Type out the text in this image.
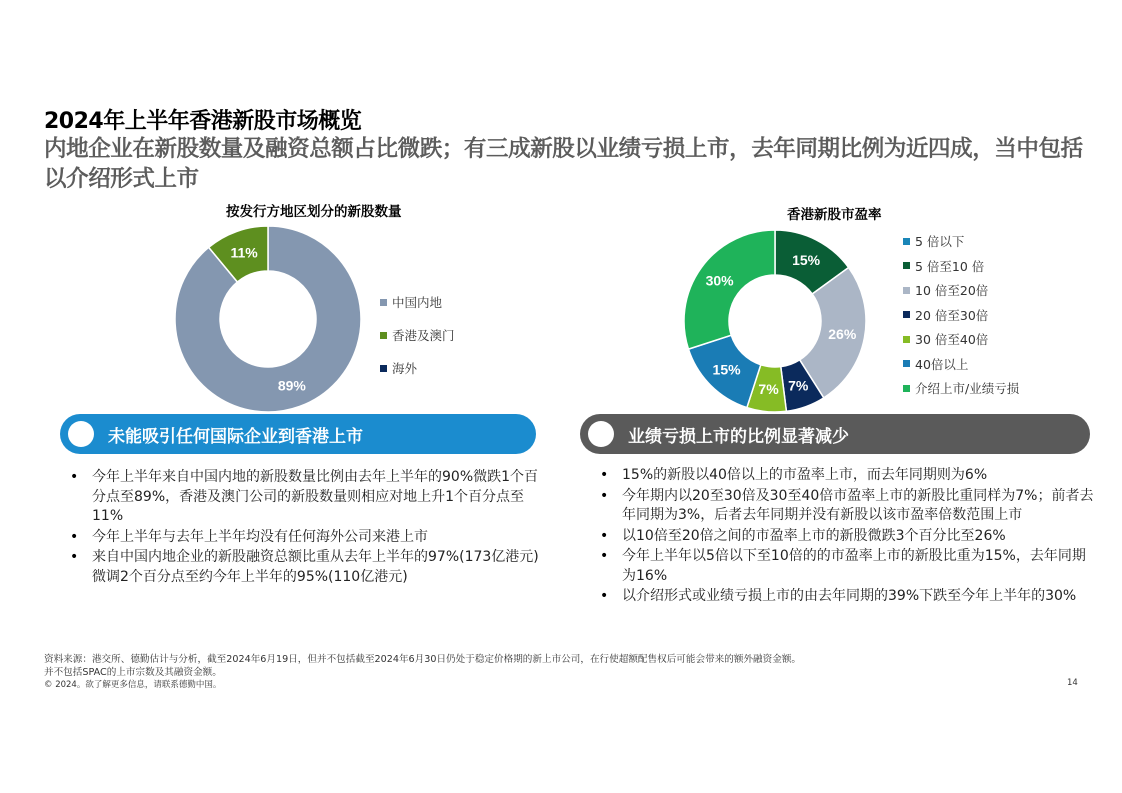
2024年上半年香港新股市场概览
内地企业在新股数量及融资总额占比微跌；有三成新股以业绩亏损上市，去年同期比例为近四成，当中包括以介绍形式上市
按发行方地区划分的新股数量	香港新股市盈率
89%
11%	15%
26%
7%
7%
15%
30%
中国内地
香港及澳门
海外
5 倍以下
5 倍至10 倍
10 倍至20倍
20 倍至30倍
30 倍至40倍
40倍以上
介绍上市/业绩亏损
未能吸引任何国际企业到香港上市	业绩亏损上市的比例显著减少
• 今年上半年来自中国内地的新股数量比例由去年上半年的90%微跌1个百分点至89%，香港及澳门公司的新股数量则相应对地上升1个百分点至11%
• 今年上半年与去年上半年均没有任何海外公司来港上市
• 来自中国内地企业的新股融资总额比重从去年上半年的97%(173亿港元)微调2个百分点至约今年上半年的95%(110亿港元)
• 15%的新股以40倍以上的市盈率上市，而去年同期则为6%
• 今年期内以20至30倍及30至40倍市盈率上市的新股比重同样为7%；前者去年同期为3%，后者去年同期并没有新股以该市盈率倍数范围上市
• 以10倍至20倍之间的市盈率上市的新股微跌3个百分比至26%
• 今年上半年以5倍以下至10倍的的市盈率上市的新股比重为15%，去年同期为16%
• 以介绍形式或业绩亏损上市的由去年同期的39%下跌至今年上半年的30%
资料来源：港交所、德勤估计与分析，截至2024年6月19日，但并不包括截至2024年6月30日仍处于稳定价格期的新上市公司，在行使超额配售权后可能会带来的额外融资金额。
并不包括SPAC的上市宗数及其融资金额。
© 2024。欲了解更多信息，请联系德勤中国。	14
